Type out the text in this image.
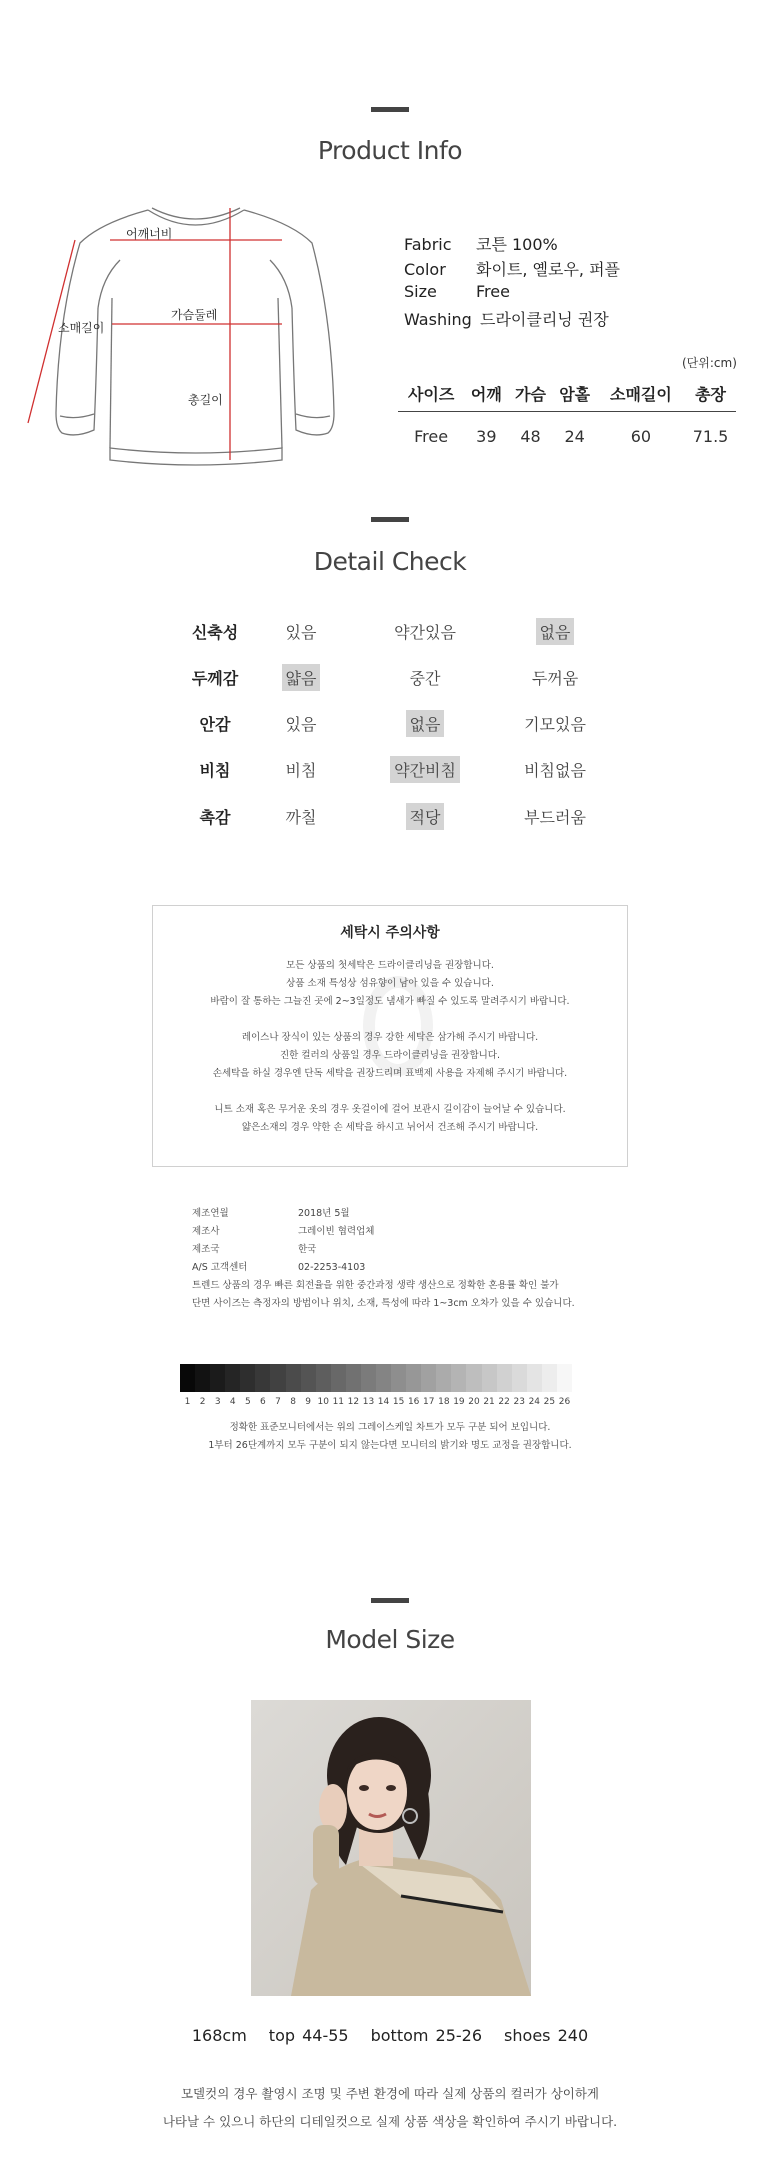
Product Info
어깨너비
가슴둘레
소매길이
총길이
Fabric 코튼 100%
Color 화이트, 옐로우, 퍼플
Size Free
Washing 드라이클리닝 권장
(단위:cm)
사이즈	어깨	가슴	암홀	소매길이	총장
Free	39	48	24	60	71.5
Detail Check
신축성	있음	약간있음	없음
두께감	얇음	중간	두꺼움
안감	있음	없음	기모있음
비침	비침	약간비침	비침없음
촉감	까칠	적당	부드러움
세탁시 주의사항
모든 상품의 첫세탁은 드라이클리닝을 권장합니다.
상품 소재 특성상 섬유향이 남아 있을 수 있습니다.
바람이 잘 통하는 그늘진 곳에 2~3일정도 냄새가 빠질 수 있도록 말려주시기 바랍니다.
레이스나 장식이 있는 상품의 경우 강한 세탁은 삼가해 주시기 바랍니다.
진한 컬러의 상품일 경우 드라이클리닝을 권장합니다.
손세탁을 하실 경우엔 단독 세탁을 권장드리며 표백제 사용을 자제해 주시기 바랍니다.
니트 소재 혹은 무거운 옷의 경우 옷걸이에 걸어 보관시 길이감이 늘어날 수 있습니다.
얇은소재의 경우 약한 손 세탁을 하시고 뉘어서 건조해 주시기 바랍니다.
제조연월	2018년 5월
제조사	그레이빈 협력업체
제조국	한국
A/S 고객센터	02-2253-4103
트렌드 상품의 경우 빠른 회전율을 위한 중간과정 생략 생산으로 정확한 혼용률 확인 불가
단면 사이즈는 측정자의 방법이나 위치, 소재, 특성에 따라 1~3cm 오차가 있을 수 있습니다.
1	2	3	4	5	6	7	8	9 10 11 12 13 14 15 16 17 18 19 20 21 22 23 24 25 26
정확한 표준모니터에서는 위의 그레이스케일 차트가 모두 구분 되어 보입니다.
1부터 26단계까지 모두 구분이 되지 않는다면 모니터의 밝기와 명도 교정을 권장합니다.
Model Size
168cm top 44-55 bottom 25-26 shoes 240
모델컷의 경우 촬영시 조명 및 주변 환경에 따라 실제 상품의 컬러가 상이하게
나타날 수 있으니 하단의 디테일컷으로 실제 상품 색상을 확인하여 주시기 바랍니다.
